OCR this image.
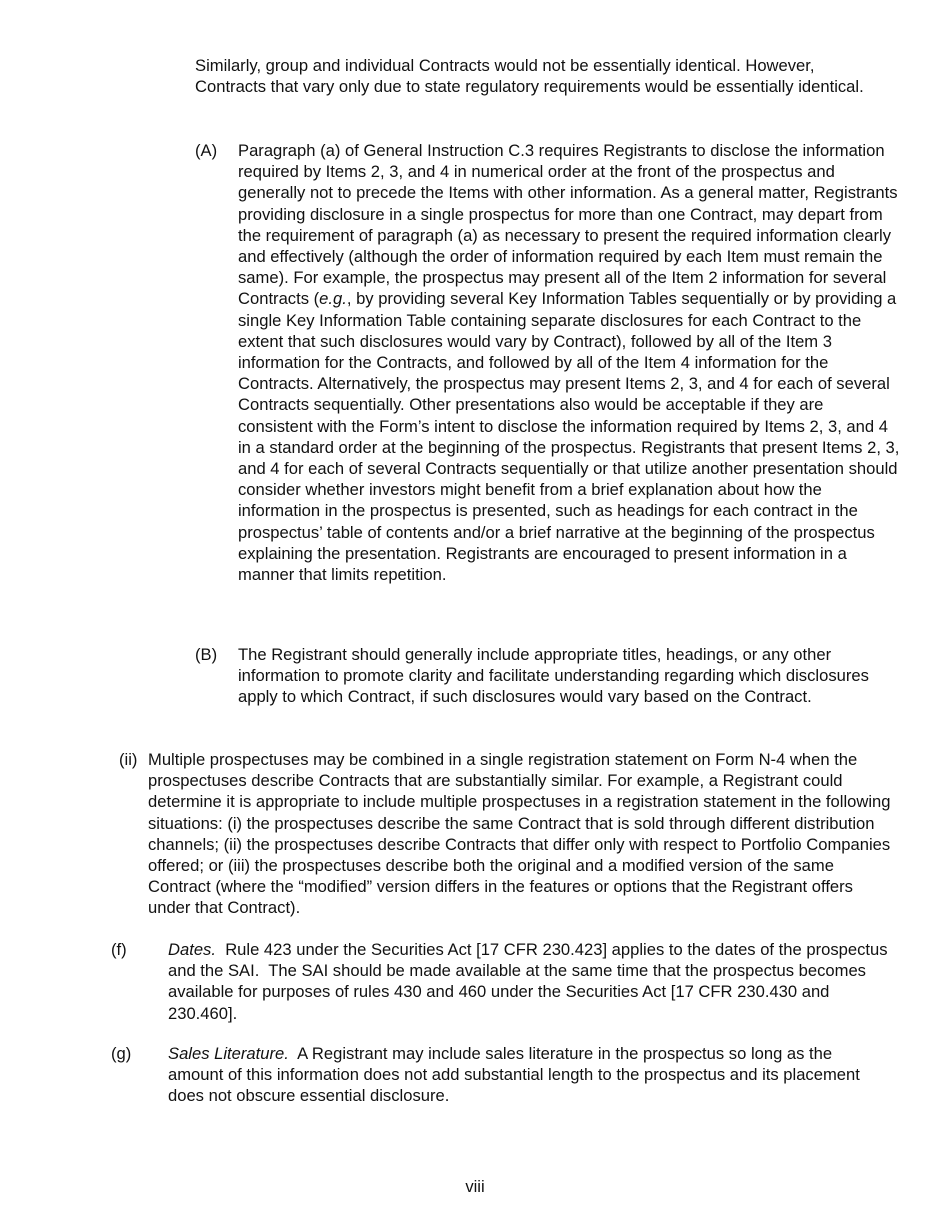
Similarly, group and individual Contracts would not be essentially identical. However, Contracts that vary only due to state regulatory requirements would be essentially identical.

(A) Paragraph (a) of General Instruction C.3 requires Registrants to disclose the information required by Items 2, 3, and 4 in numerical order at the front of the prospectus and generally not to precede the Items with other information. As a general matter, Registrants providing disclosure in a single prospectus for more than one Contract, may depart from the requirement of paragraph (a) as necessary to present the required information clearly and effectively (although the order of information required by each Item must remain the same). For example, the prospectus may present all of the Item 2 information for several Contracts (e.g., by providing several Key Information Tables sequentially or by providing a single Key Information Table containing separate disclosures for each Contract to the extent that such disclosures would vary by Contract), followed by all of the Item 3 information for the Contracts, and followed by all of the Item 4 information for the Contracts. Alternatively, the prospectus may present Items 2, 3, and 4 for each of several Contracts sequentially. Other presentations also would be acceptable if they are consistent with the Form’s intent to disclose the information required by Items 2, 3, and 4 in a standard order at the beginning of the prospectus. Registrants that present Items 2, 3, and 4 for each of several Contracts sequentially or that utilize another presentation should consider whether investors might benefit from a brief explanation about how the information in the prospectus is presented, such as headings for each contract in the prospectus’ table of contents and/or a brief narrative at the beginning of the prospectus explaining the presentation. Registrants are encouraged to present information in a manner that limits repetition.

(B) The Registrant should generally include appropriate titles, headings, or any other information to promote clarity and facilitate understanding regarding which disclosures apply to which Contract, if such disclosures would vary based on the Contract.

(ii) Multiple prospectuses may be combined in a single registration statement on Form N-4 when the prospectuses describe Contracts that are substantially similar. For example, a Registrant could determine it is appropriate to include multiple prospectuses in a registration statement in the following situations: (i) the prospectuses describe the same Contract that is sold through different distribution channels; (ii) the prospectuses describe Contracts that differ only with respect to Portfolio Companies offered; or (iii) the prospectuses describe both the original and a modified version of the same Contract (where the “modified” version differs in the features or options that the Registrant offers under that Contract).

(f) Dates.  Rule 423 under the Securities Act [17 CFR 230.423] applies to the dates of the prospectus and the SAI.  The SAI should be made available at the same time that the prospectus becomes available for purposes of rules 430 and 460 under the Securities Act [17 CFR 230.430 and 230.460].

(g) Sales Literature.  A Registrant may include sales literature in the prospectus so long as the amount of this information does not add substantial length to the prospectus and its placement does not obscure essential disclosure.

viii
